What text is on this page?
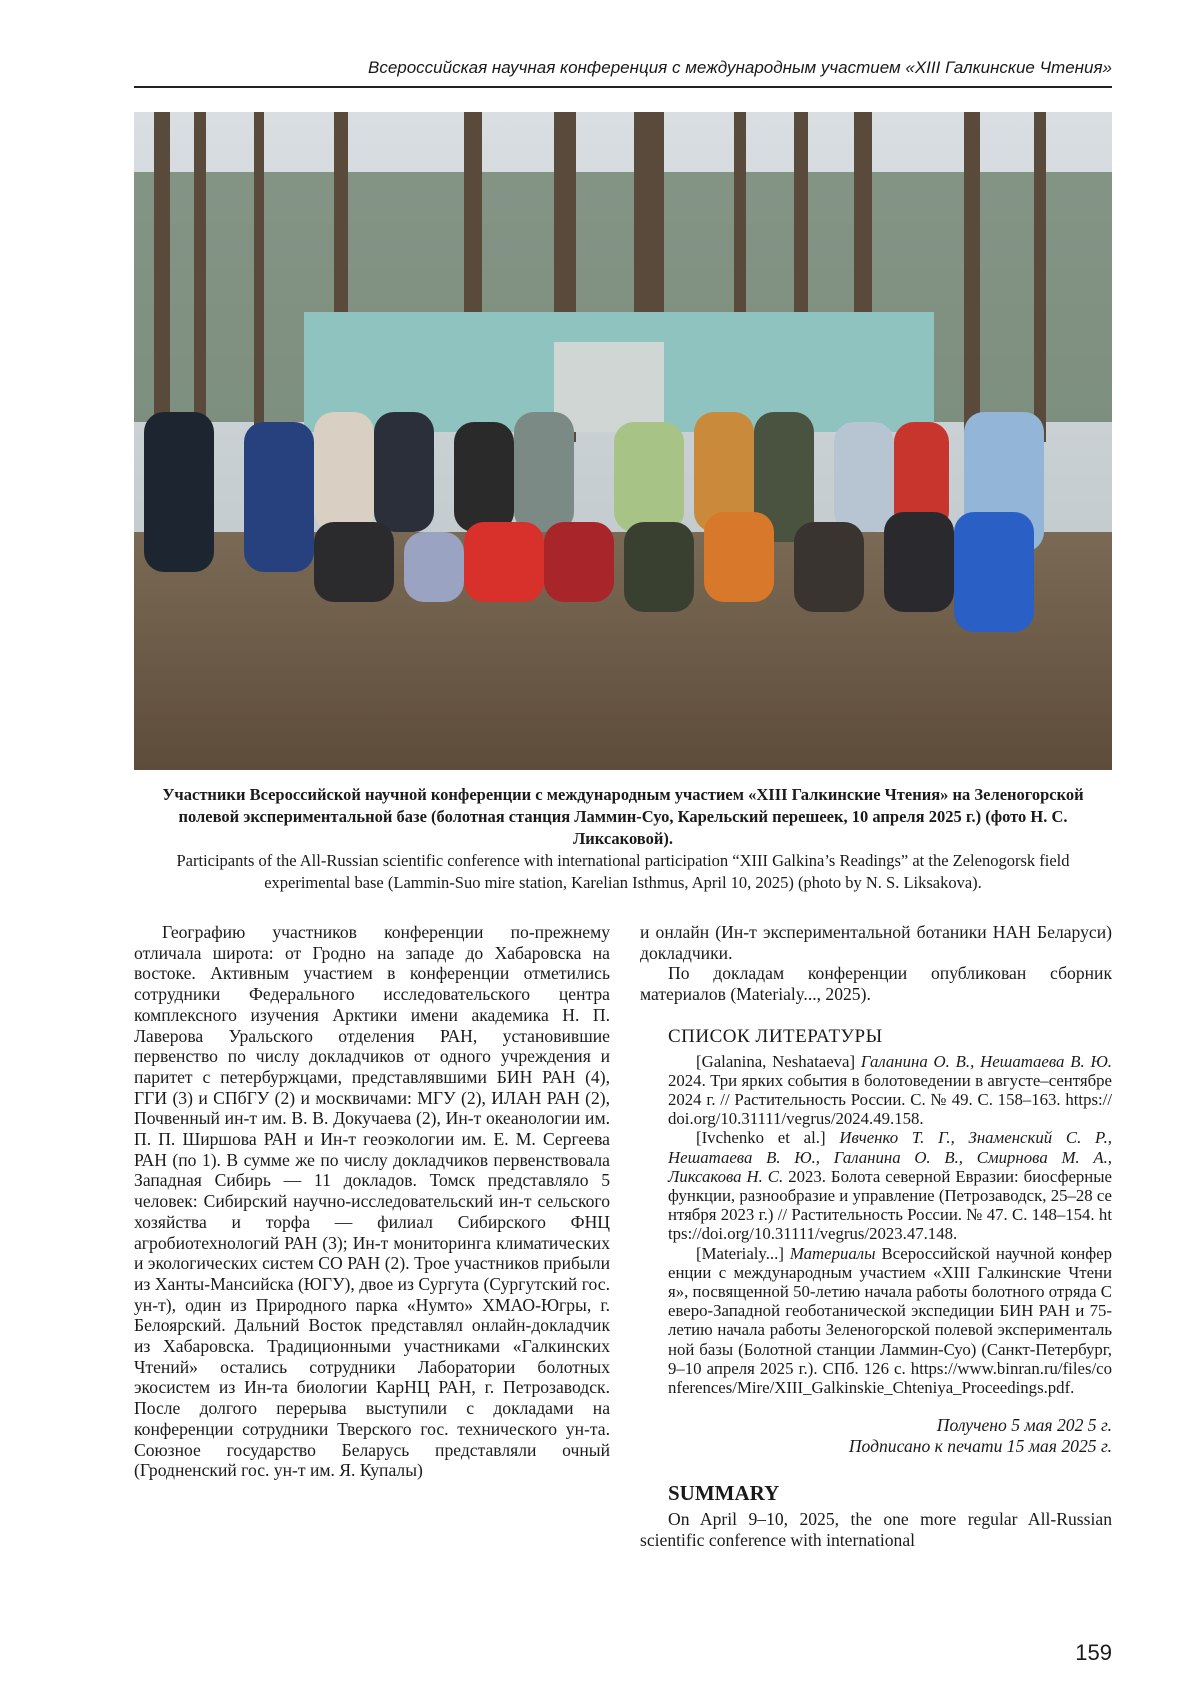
Всероссийская научная конференция с международным участием «XIII Галкинские Чтения»
Участники Всероссийской научной конференции с международным участием «XIII Галкинские Чтения» на Зеленогорской полевой экспериментальной базе (болотная станция Ламмин-Суо, Карельский перешеек, 10 апреля 2025 г.) (фото Н. С. Ликсаковой).
Participants of the All-Russian scientific conference with international participation “XIII Galkina’s Readings” at the Zelenogorsk field experimental base (Lammin-Suo mire station, Karelian Isthmus, April 10, 2025) (photo by N. S. Liksakova).

Географию участников конференции по-прежнему отличала широта: от Гродно на западе до Хабаровска на востоке. Активным участием в конференции отметились сотрудники Федерального исследовательского центра комплексного изучения Арктики имени академика Н. П. Лаверова Уральского отделения РАН, установившие первенство по числу докладчиков от одного учреждения и паритет с петербуржцами, представлявшими БИН РАН (4), ГГИ (3) и СПбГУ (2) и москвичами: МГУ (2), ИЛАН РАН (2), Почвенный ин-т им. В. В. Докучаева (2), Ин-т океанологии им. П. П. Ширшова РАН и Ин-т геоэкологии им. Е. М. Сергеева РАН (по 1). В сумме же по числу докладчиков первенствовала Западная Сибирь — 11 докладов. Томск представляло 5 человек: Сибирский научно-исследовательский ин-т сельского хозяйства и торфа — филиал Сибирского ФНЦ агробиотехнологий РАН (3); Ин-т мониторинга климатических и экологических систем СО РАН (2). Трое участников прибыли из Ханты-Мансийска (ЮГУ), двое из Сургута (Сургутский гос. ун-т), один из Природного парка «Нумто» ХМАО-Югры, г. Белоярский. Дальний Восток представлял онлайн-докладчик из Хабаровска. Традиционными участниками «Галкинских Чтений» остались сотрудники Лаборатории болотных экосистем из Ин-та биологии КарНЦ РАН, г. Петрозаводск. После долгого перерыва выступили с докладами на конференции сотрудники Тверского гос. технического ун-та. Союзное государство Беларусь представляли очный (Гродненский гос. ун-т им. Я. Купалы)

и онлайн (Ин-т экспериментальной ботаники НАН Беларуси) докладчики.

По докладам конференции опубликован сборник материалов (Materialy..., 2025).

СПИСОК ЛИТЕРАТУРЫ

[Galanina, Neshataeva] Галанина О. В., Нешатаева В. Ю. 2024. Три ярких события в болотоведении в августе–сентябре 2024 г. // Растительность России. С. № 49. С. 158–163. https://doi.org/10.31111/vegrus/2024.49.158.

[Ivchenko et al.] Ивченко Т. Г., Знаменский С. Р., Нешатаева В. Ю., Галанина О. В., Смирнова М. А., Ликсакова Н. С. 2023. Болота северной Евразии: биосферные функции, разнообразие и управление (Петрозаводск, 25–28 сентября 2023 г.) // Растительность России. № 47. С. 148–154. https://doi.org/10.31111/vegrus/2023.47.148.

[Materialy...] Материалы Всероссийской научной конференции с международным участием «XIII Галкинские Чтения», посвященной 50-летию начала работы болотного отряда Северо-Западной геоботанической экспедиции БИН РАН и 75-летию начала работы Зеленогорской полевой экспериментальной базы (Болотной станции Ламмин-Суо) (Санкт-Петербург, 9–10 апреля 2025 г.). СПб. 126 с. https://www.binran.ru/files/conferences/Mire/XIII_Galkinskie_Chteniya_Proceedings.pdf.

Получено 5 мая 202 5 г.
Подписано к печати 15 мая 2025 г.
SUMMARY

On April 9–10, 2025, the one more regular All-Russian scientific conference with international

159
